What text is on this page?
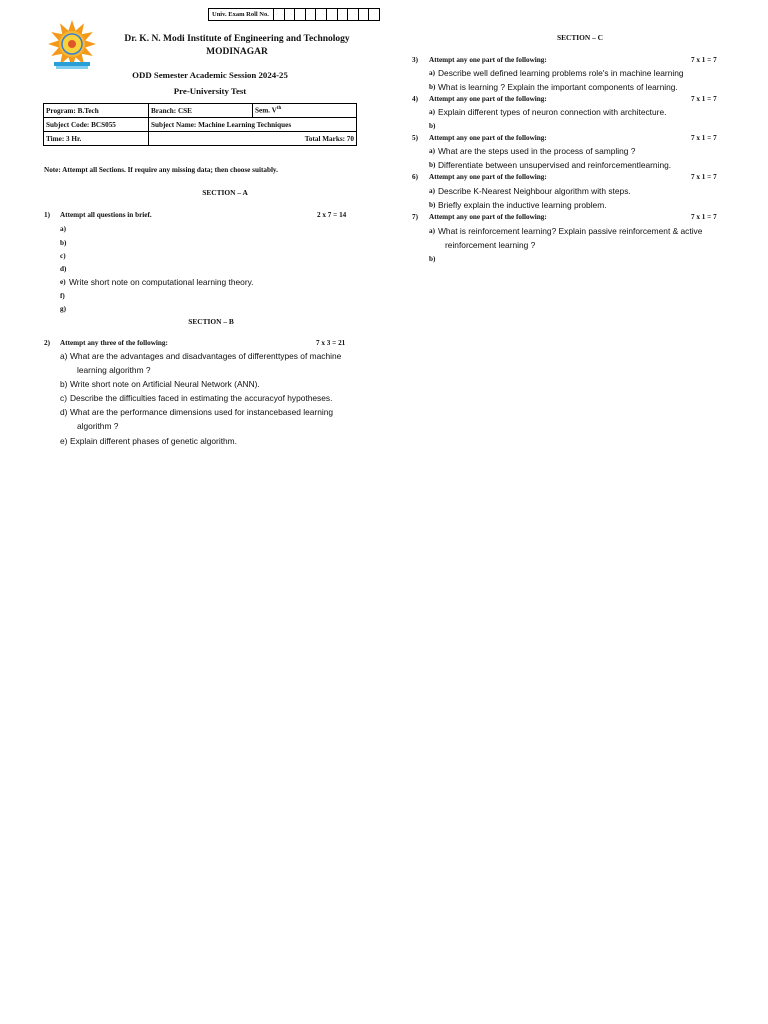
Univ. Exam Roll No.
Dr. K. N. Modi Institute of Engineering and Technology
MODINAGAR
ODD Semester Academic Session 2024-25
Pre-University Test
Program: B.Tech	Branch: CSE	Sem. Vth
Subject Code: BCS055	Subject Name: Machine Learning Techniques	
Time: 3 Hr.	Total Marks: 70	
Note: Attempt all Sections. If require any missing data; then choose suitably.
SECTION – A
1) Attempt all questions in brief.	2 x 7 = 14
a)
b)
c)
d)
e) Write short note on computational learning theory.
f)
g)
SECTION – B
2) Attempt any three of the following:	7 x 3 = 21
a) What are the advantages and disadvantages of differenttypes of machine
learning algorithm ?
b) Write short note on Artificial Neural Network (ANN).
c) Describe the difficulties faced in estimating the accuracyof hypotheses.
d) What are the performance dimensions used for instancebased learning
algorithm ?
e) Explain different phases of genetic algorithm.
SECTION – C
3) Attempt any one part of the following:	7 x 1 = 7
a) Describe well defined learning problems role's in machine learning
b) What is learning ? Explain the important components of learning.
4) Attempt any one part of the following:	7 x 1 = 7
a) Explain different types of neuron connection with architecture.
b)
5) Attempt any one part of the following:	7 x 1 = 7
a) What are the steps used in the process of sampling ?
b) Differentiate between unsupervised and reinforcementlearning.
6) Attempt any one part of the following:	7 x 1 = 7
a) Describe K-Nearest Neighbour algorithm with steps.
b) Briefly explain the inductive learning problem.
7) Attempt any one part of the following:	7 x 1 = 7
a) What is reinforcement learning? Explain passive reinforcement & active
reinforcement learning ?
b)
